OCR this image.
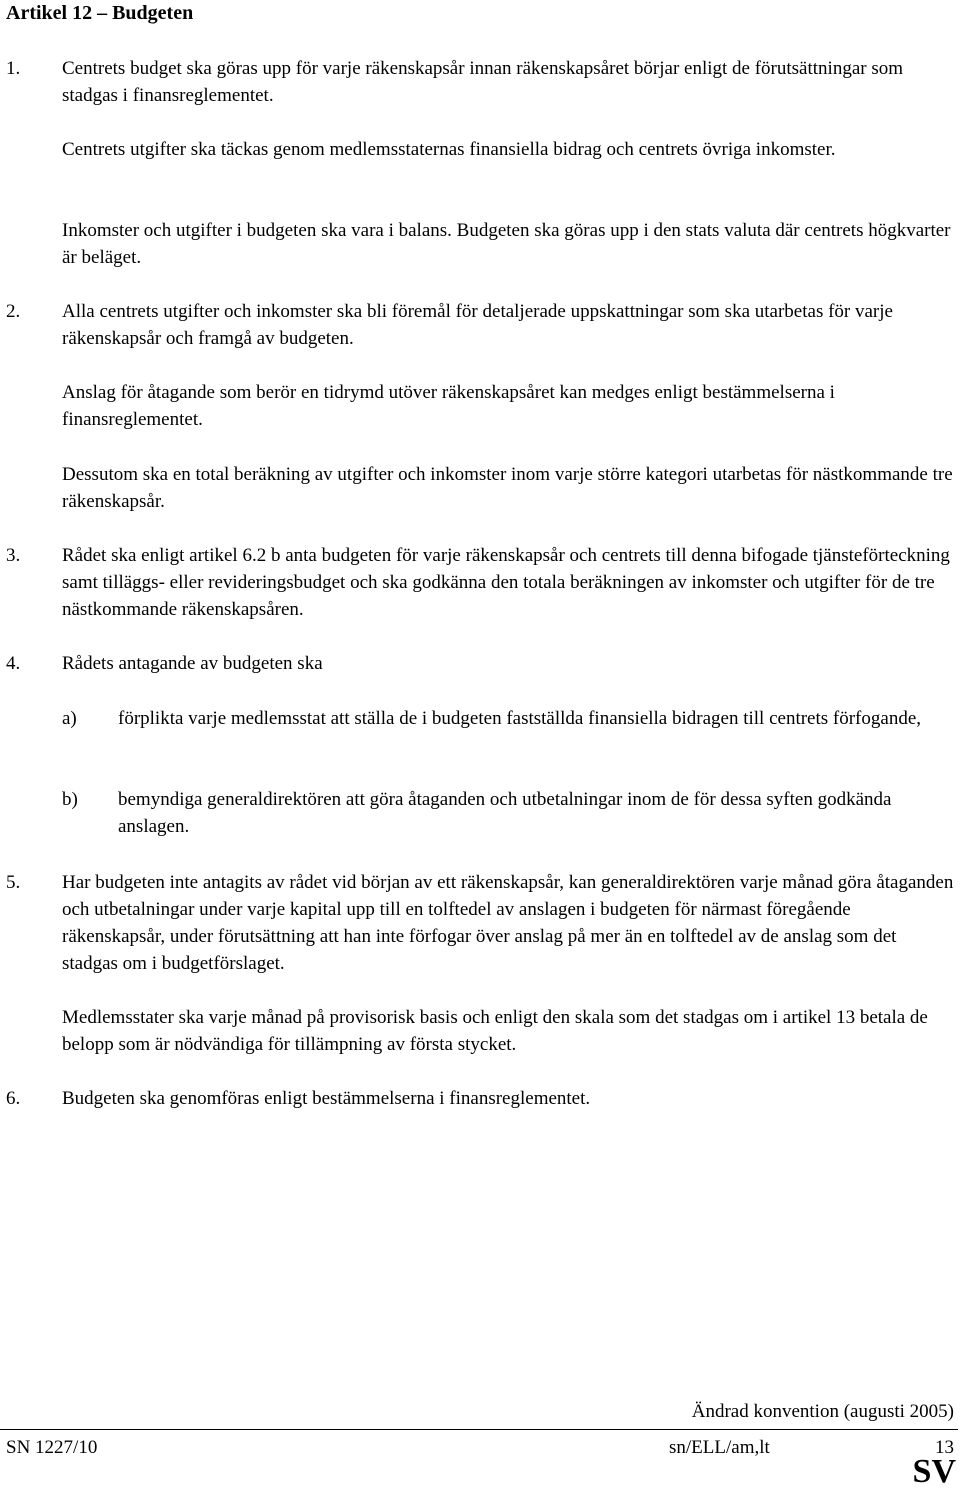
Artikel 12 – Budgeten
1. Centrets budget ska göras upp för varje räkenskapsår innan räkenskapsåret börjar enligt de förutsättningar som stadgas i finansreglementet.

Centrets utgifter ska täckas genom medlemsstaternas finansiella bidrag och centrets övriga inkomster.

Inkomster och utgifter i budgeten ska vara i balans. Budgeten ska göras upp i den stats valuta där centrets högkvarter är beläget.

2. Alla centrets utgifter och inkomster ska bli föremål för detaljerade uppskattningar som ska utarbetas för varje räkenskapsår och framgå av budgeten.

Anslag för åtagande som berör en tidrymd utöver räkenskapsåret kan medges enligt bestämmelserna i finansreglementet.

Dessutom ska en total beräkning av utgifter och inkomster inom varje större kategori utarbetas för nästkommande tre räkenskapsår.

3. Rådet ska enligt artikel 6.2 b anta budgeten för varje räkenskapsår och centrets till denna bifogade tjänsteförteckning samt tilläggs- eller revideringsbudget och ska godkänna den totala beräkningen av inkomster och utgifter för de tre nästkommande räkenskapsåren.

4. Rådets antagande av budgeten ska

a) förplikta varje medlemsstat att ställa de i budgeten fastställda finansiella bidragen till centrets förfogande,

b) bemyndiga generaldirektören att göra åtaganden och utbetalningar inom de för dessa syften godkända anslagen.

5. Har budgeten inte antagits av rådet vid början av ett räkenskapsår, kan generaldirektören varje månad göra åtaganden och utbetalningar under varje kapital upp till en tolftedel av anslagen i budgeten för närmast föregående räkenskapsår, under förutsättning att han inte förfogar över anslag på mer än en tolftedel av de anslag som det stadgas om i budgetförslaget.

Medlemsstater ska varje månad på provisorisk basis och enligt den skala som det stadgas om i artikel 13 betala de belopp som är nödvändiga för tillämpning av första stycket.

6. Budgeten ska genomföras enligt bestämmelserna i finansreglementet.

Ändrad konvention (augusti 2005)
SN 1227/10	sn/ELL/am,lt	13
SV
